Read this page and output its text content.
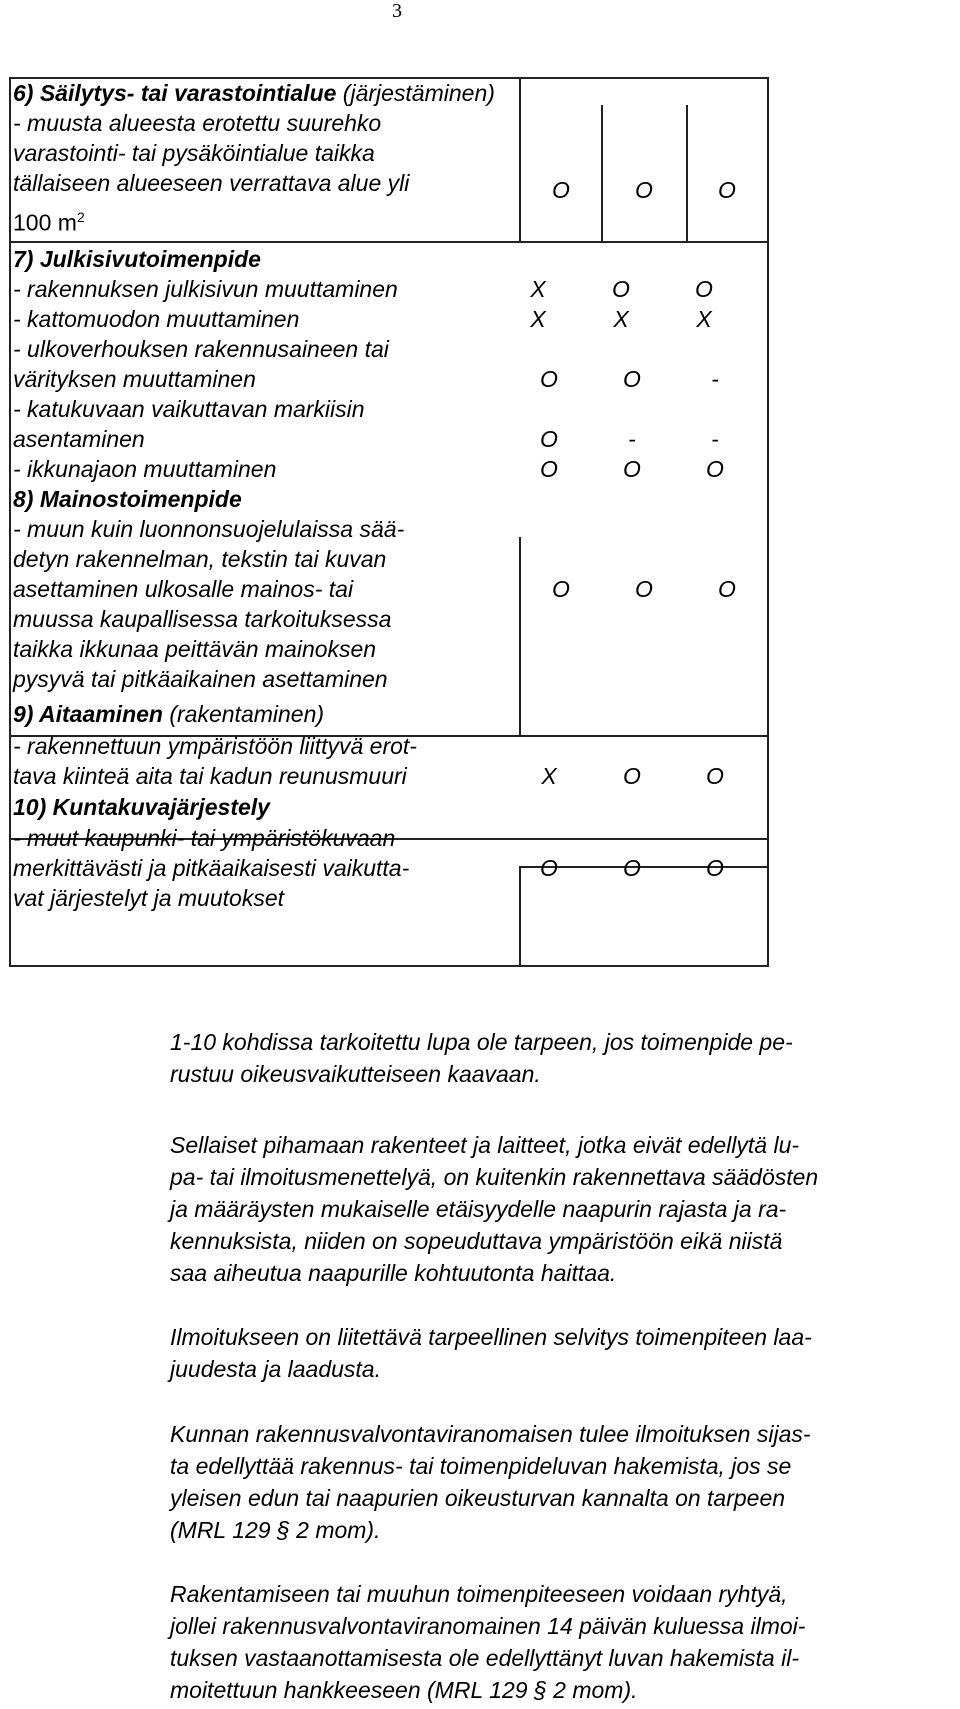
3
6) Säilytys- tai varastointialue (järjestäminen)
- muusta alueesta erotettu suurehko
varastointi- tai pysäköintialue taikka
tällaiseen alueeseen verrattava alue yli
100 $m^2$
O	O	O
7) Julkisivutoimenpide
- rakennuksen julkisivun muuttaminen	X	O	O
- kattomuodon muuttaminen	X	X	X
- ulkoverhouksen rakennusaineen tai
värityksen muuttaminen	O	O	-
- katukuvaan vaikuttavan markiisin
asentaminen	O	-	-
- ikkunajaon muuttaminen	O	O	O
8) Mainostoimenpide
- muun kuin luonnonsuojelulaissa sää-
detyn rakennelman, tekstin tai kuvan
asettaminen ulkosalle mainos- tai
muussa kaupallisessa tarkoituksessa
taikka ikkunaa peittävän mainoksen
pysyvä tai pitkäaikainen asettaminen
O	O	O
9) Aitaaminen (rakentaminen)
- rakennettuun ympäristöön liittyvä erot-
tava kiinteä aita tai kadun reunusmuuri	X	O	O
10) Kuntakuvajärjestely
- muut kaupunki- tai ympäristökuvaan
merkittävästi ja pitkäaikaisesti vaikutta-
vat järjestelyt ja muutokset
O	O	O
1-10 kohdissa tarkoitettu lupa ole tarpeen, jos toimenpide pe-
rustuu oikeusvaikutteiseen kaavaan.
Sellaiset pihamaan rakenteet ja laitteet, jotka eivät edellytä lu-
pa- tai ilmoitusmenettelyä, on kuitenkin rakennettava säädösten
ja määräysten mukaiselle etäisyydelle naapurin rajasta ja ra-
kennuksista, niiden on sopeuduttava ympäristöön eikä niistä
saa aiheutua naapurille kohtuutonta haittaa.
Ilmoitukseen on liitettävä tarpeellinen selvitys toimenpiteen laa-
juudesta ja laadusta.
Kunnan rakennusvalvontaviranomaisen tulee ilmoituksen sijas-
ta edellyttää rakennus- tai toimenpideluvan hakemista, jos se
yleisen edun tai naapurien oikeusturvan kannalta on tarpeen
(MRL 129 § 2 mom).
Rakentamiseen tai muuhun toimenpiteeseen voidaan ryhtyä,
jollei rakennusvalvontaviranomainen 14 päivän kuluessa ilmoi-
tuksen vastaanottamisesta ole edellyttänyt luvan hakemista il-
moitettuun hankkeeseen (MRL 129 § 2 mom).
